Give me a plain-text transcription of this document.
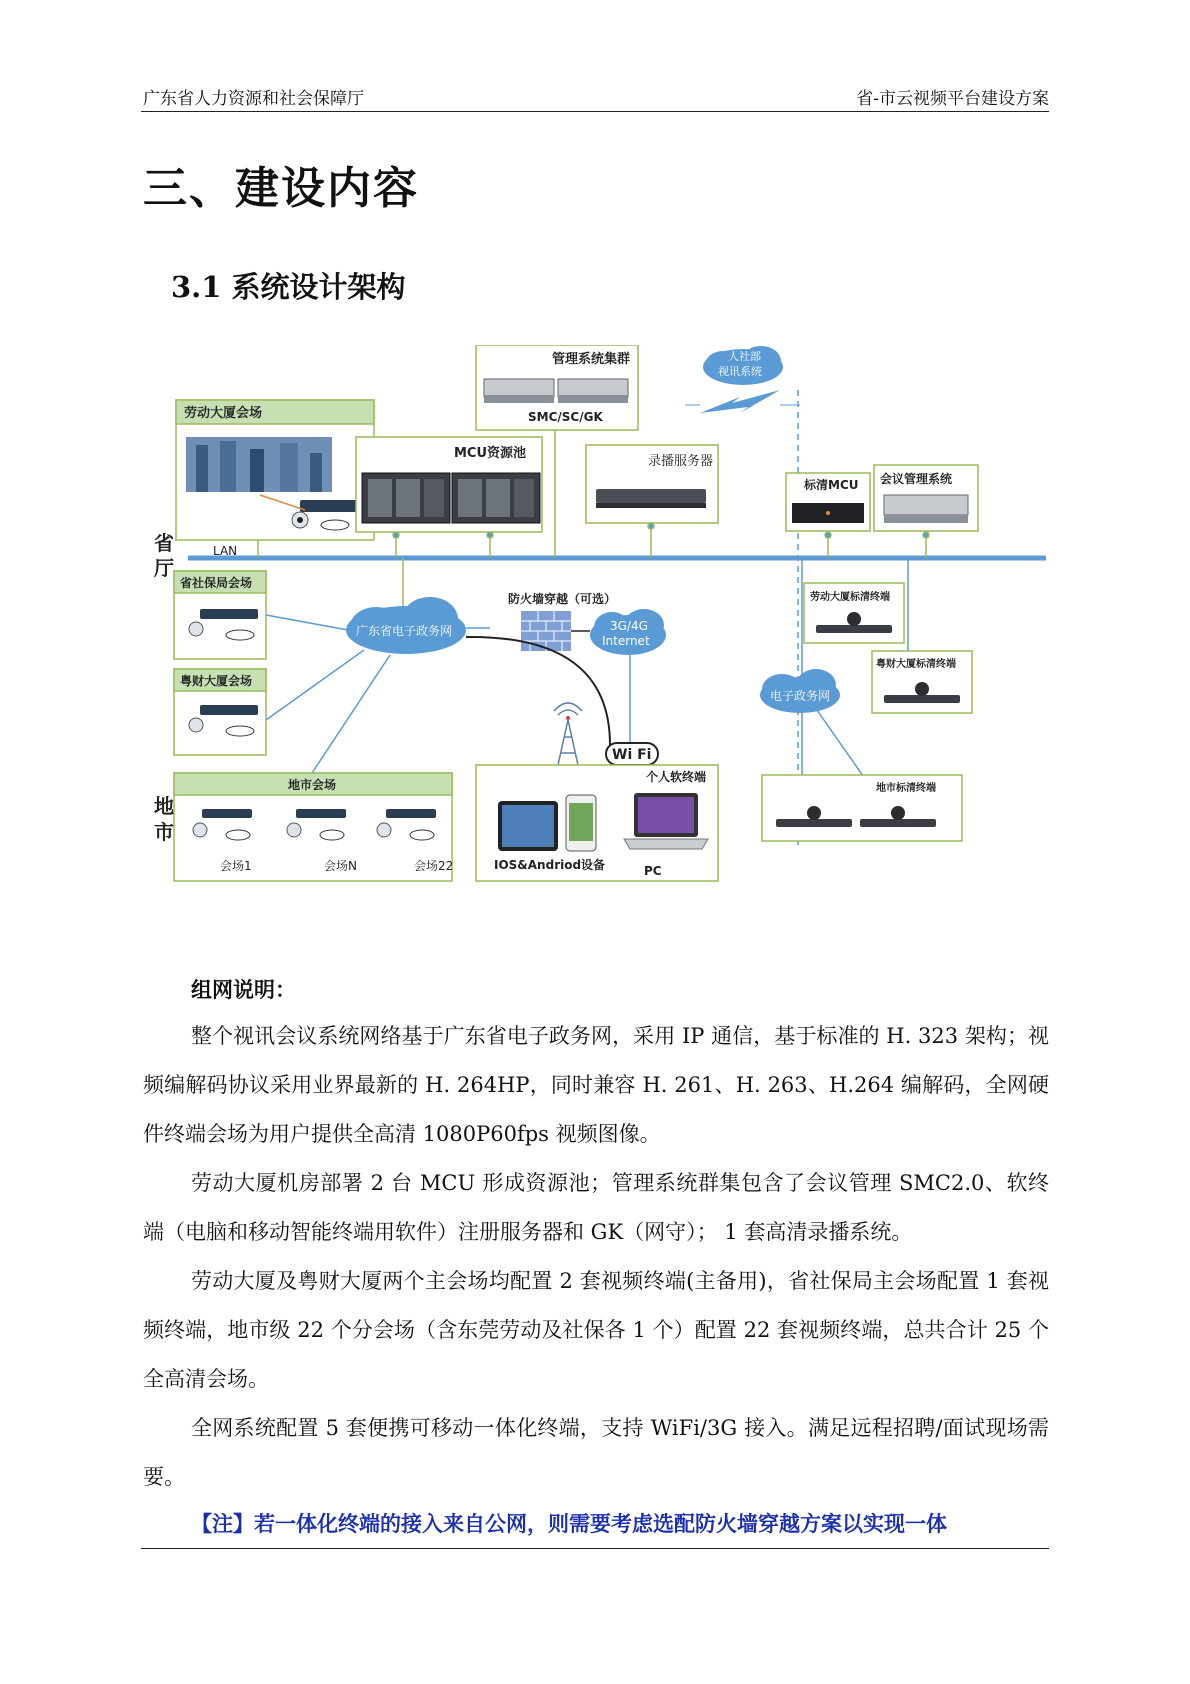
广东省人力资源和社会保障厅	省-市云视频平台建设方案
三、建设内容
3.1 系统设计架构
劳动大厦会场
MCU资源池
管理系统集群
SMC/SC/GK
录播服务器
人社部
视讯系统
标清MCU 会议管理系统
LAN
省
厅
省社保局会场
粤财大厦会场
广东省电子政务网
防火墙穿越（可选）
3G/4G
Internet
Wi Fi
地市会场
会场1	会场N	会场22
地
市
个人软终端
IOS&Andriod设备	PC
劳动大厦标清终端
粤财大厦标清终端
电子政务网
地市标清终端
组网说明：

整个视讯会议系统网络基于广东省电子政务网，采用 IP 通信，基于标准的 H. 323 架构；视频编解码协议采用业界最新的 H. 264HP，同时兼容 H. 261、H. 263、H.264 编解码，全网硬件终端会场为用户提供全高清 1080P60fps 视频图像。

劳动大厦机房部署 2 台 MCU 形成资源池；管理系统群集包含了会议管理 SMC2.0、软终端（电脑和移动智能终端用软件）注册服务器和 GK（网守）； 1 套高清录播系统。

劳动大厦及粤财大厦两个主会场均配置 2 套视频终端(主备用)，省社保局主会场配置 1 套视频终端，地市级 22 个分会场（含东莞劳动及社保各 1 个）配置 22 套视频终端，总共合计 25 个全高清会场。

全网系统配置 5 套便携可移动一体化终端，支持 WiFi/3G 接入。满足远程招聘/面试现场需要。

【注】若一体化终端的接入来自公网，则需要考虑选配防火墙穿越方案以实现一体
